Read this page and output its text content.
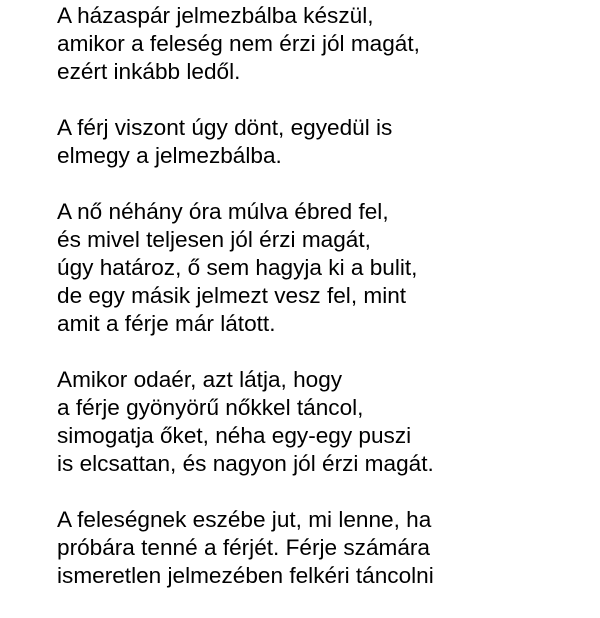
A házaspár jelmezbálba készül,
amikor a feleség nem érzi jól magát,
ezért inkább ledől.

A férj viszont úgy dönt, egyedül is
elmegy a jelmezbálba.

A nő néhány óra múlva ébred fel,
és mivel teljesen jól érzi magát,
úgy határoz, ő sem hagyja ki a bulit,
de egy másik jelmezt vesz fel, mint
amit a férje már látott.

Amikor odaér, azt látja, hogy
a férje gyönyörű nőkkel táncol,
simogatja őket, néha egy-egy puszi
is elcsattan, és nagyon jól érzi magát.

A feleségnek eszébe jut, mi lenne, ha
próbára tenné a férjét. Férje számára
ismeretlen jelmezében felkéri táncolni
